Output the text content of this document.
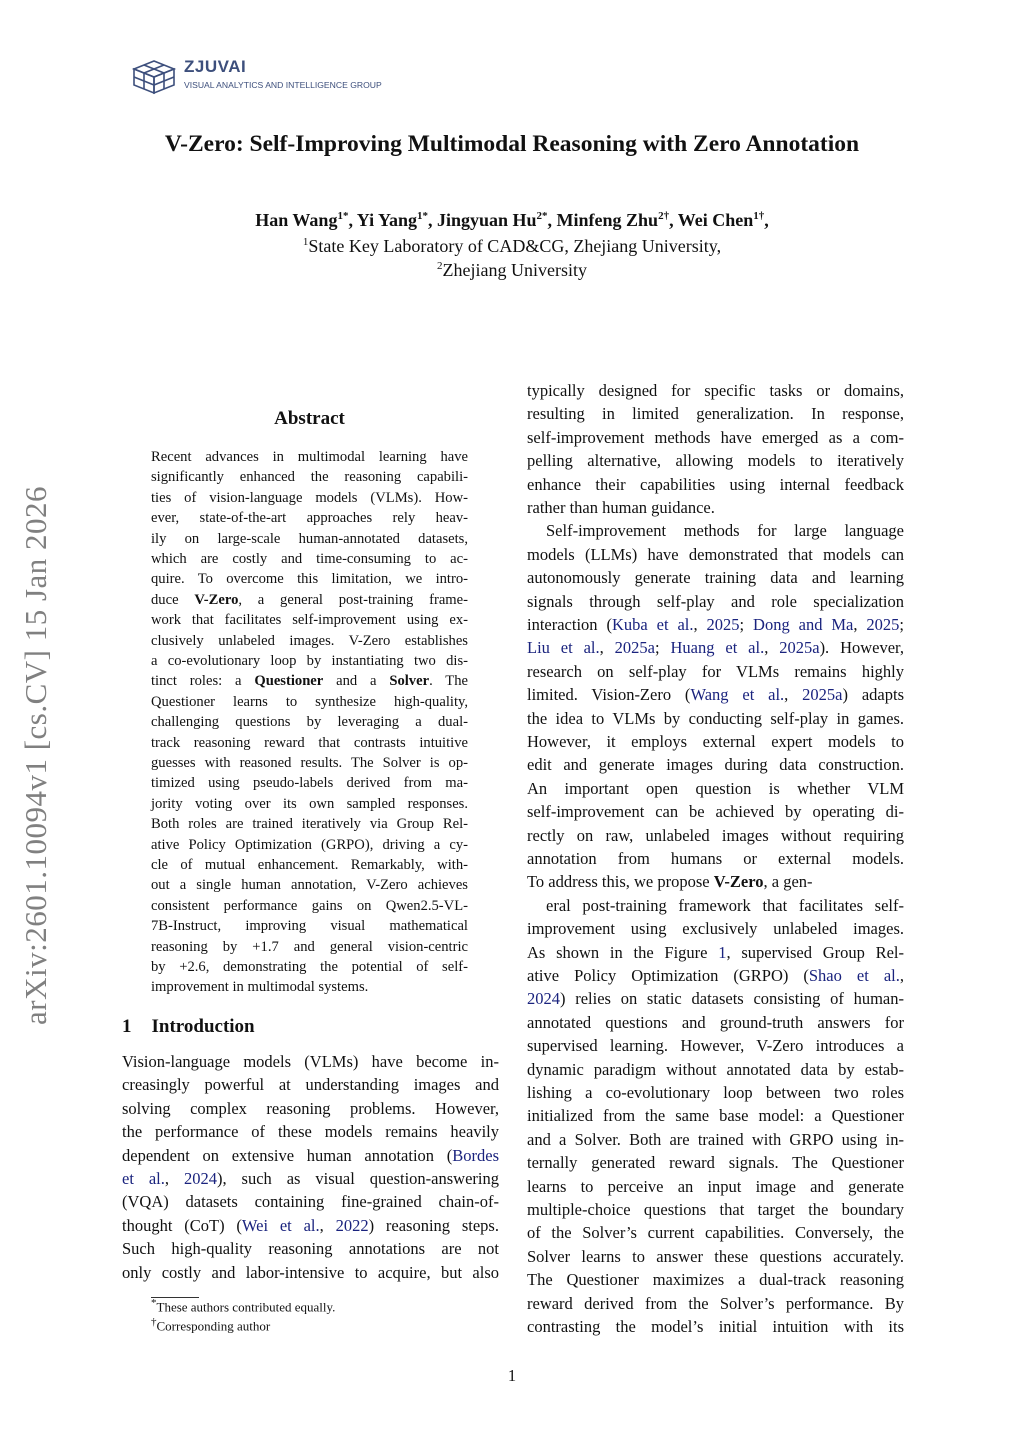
ZJUVAI
VISUAL ANALYTICS AND INTELLIGENCE GROUP
arXiv:2601.10094v1 [cs.CV] 15 Jan 2026
V-Zero: Self-Improving Multimodal Reasoning with Zero Annotation
Han Wang$^{1*}$, Yi Yang$^{1*}$, Jingyuan $Hu^{2*}$, Minfeng Zhu$^{2\dagger}$, Wei Chen$^{1\dagger}$,
$^1$State Key Laboratory of CAD&CG, Zhejiang University,
$^2$Zhejiang University
Abstract
Recent advances in multimodal learning have
significantly enhanced the reasoning capabili-
ties of vision-language models (VLMs). How-
ever, state-of-the-art approaches rely heav-
ily on large-scale human-annotated datasets,
which are costly and time-consuming to ac-
quire. To overcome this limitation, we intro-
duce V-Zero, a general post-training frame-
work that facilitates self-improvement using ex-
clusively unlabeled images. V-Zero establishes
a co-evolutionary loop by instantiating two dis-
tinct roles: a Questioner and a Solver. The
Questioner learns to synthesize high-quality,
challenging questions by leveraging a dual-
track reasoning reward that contrasts intuitive
guesses with reasoned results. The Solver is op-
timized using pseudo-labels derived from ma-
jority voting over its own sampled responses.
Both roles are trained iteratively via Group Rel-
ative Policy Optimization (GRPO), driving a cy-
cle of mutual enhancement. Remarkably, with-
out a single human annotation, V-Zero achieves
consistent performance gains on Qwen2.5-VL-
7B-Instruct, improving visual mathematical
reasoning by +1.7 and general vision-centric
by +2.6, demonstrating the potential of self-
improvement in multimodal systems.
1 Introduction
Vision-language models (VLMs) have become in-
creasingly powerful at understanding images and
solving complex reasoning problems. However,
the performance of these models remains heavily
dependent on extensive human annotation (Bordes
et al., 2024), such as visual question-answering
(VQA) datasets containing fine-grained chain-of-
thought (CoT) (Wei et al., 2022) reasoning steps.
Such high-quality reasoning annotations are not
only costly and labor-intensive to acquire, but also
typically designed for specific tasks or domains,
resulting in limited generalization. In response,
self-improvement methods have emerged as a com-
pelling alternative, allowing models to iteratively
enhance their capabilities using internal feedback
rather than human guidance.
Self-improvement methods for large language
models (LLMs) have demonstrated that models can
autonomously generate training data and learning
signals through self-play and role specialization
interaction (Kuba et al., 2025; Dong and Ma, 2025;
Liu et al., 2025a; Huang et al., 2025a). However,
research on self-play for VLMs remains highly
limited. Vision-Zero (Wang et al., 2025a) adapts
the idea to VLMs by conducting self-play in games.
However, it employs external expert models to
edit and generate images during data construction.
An important open question is whether VLM
self-improvement can be achieved by operating di-
rectly on raw, unlabeled images without requiring
annotation from humans or external models.
To address this, we propose V-Zero, a gen-
eral post-training framework that facilitates self-
improvement using exclusively unlabeled images.
As shown in the Figure 1, supervised Group Rel-
ative Policy Optimization (GRPO) (Shao et al.,
2024) relies on static datasets consisting of human-
annotated questions and ground-truth answers for
supervised learning. However, V-Zero introduces a
dynamic paradigm without annotated data by estab-
lishing a co-evolutionary loop between two roles
initialized from the same base model: a Questioner
and a Solver. Both are trained with GRPO using in-
ternally generated reward signals. The Questioner
learns to perceive an input image and generate
multiple-choice questions that target the boundary
of the Solver’s current capabilities. Conversely, the
Solver learns to answer these questions accurately.
The Questioner maximizes a dual-track reasoning
reward derived from the Solver’s performance. By
contrasting the model’s initial intuition with its
*These authors contributed equally.
†Corresponding author
1
